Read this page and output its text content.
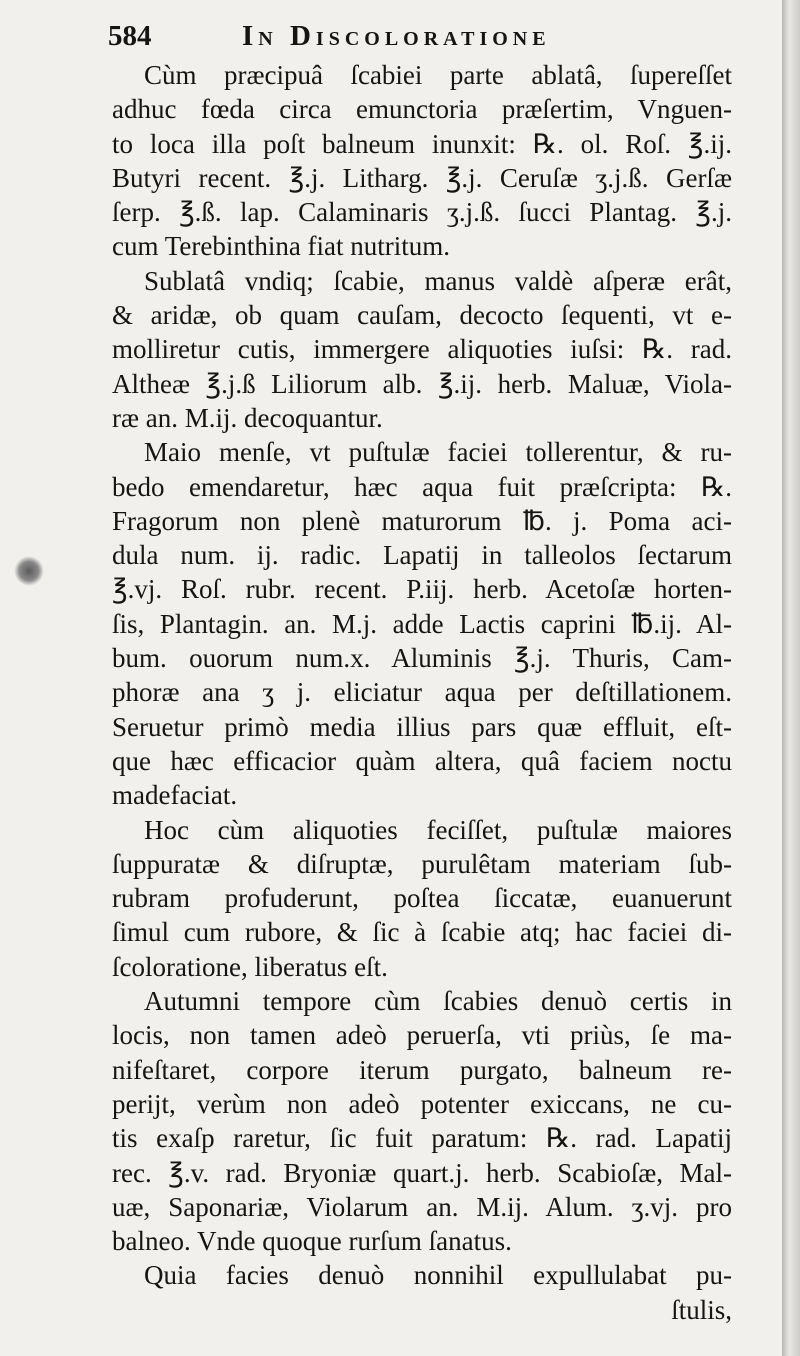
584	In Discoloratione
Cùm præcipuâ ſcabiei parte ablatâ, ſupereſſet
adhuc fœda circa emunctoria præſertim, Vnguen-
to loca illa poſt balneum inunxit: ℞. ol. Roſ. ℥.ij.
Butyri recent. ℥.j. Litharg. ℥.j. Ceruſæ ʒ.j.ß. Gerſæ
ſerp. ℥.ß. lap. Calaminaris ʒ.j.ß. ſucci Plantag. ℥.j.
cum Terebinthina fiat nutritum.
Sublatâ vndiq; ſcabie, manus valdè aſperæ erât,
& aridæ, ob quam cauſam, decocto ſequenti, vt e-
molliretur cutis, immergere aliquoties iuſsi: ℞. rad.
Altheæ ℥.j.ß Liliorum alb. ℥.ij. herb. Maluæ, Viola-
ræ an. M.ij. decoquantur.
Maio menſe, vt puſtulæ faciei tollerentur, & ru-
bedo emendaretur, hæc aqua fuit præſcripta: ℞.
Fragorum non plenè maturorum ℔. j. Poma aci-
dula num. ij. radic. Lapatij in talleolos ſectarum
℥.vj. Roſ. rubr. recent. P.iij. herb. Acetoſæ horten-
ſis, Plantagin. an. M.j. adde Lactis caprini ℔.ij. Al-
bum. ouorum num.x. Aluminis ℥.j. Thuris, Cam-
phoræ ana ʒ j. eliciatur aqua per deſtillationem.
Seruetur primò media illius pars quæ effluit, eſt-
que hæc efficacior quàm altera, quâ faciem noctu
madefaciat.
Hoc cùm aliquoties feciſſet, puſtulæ maiores
ſuppuratæ & diſruptæ, purulêtam materiam ſub-
rubram profuderunt, poſtea ſiccatæ, euanuerunt
ſimul cum rubore, & ſic à ſcabie atq; hac faciei di-
ſcoloratione, liberatus eſt.
Autumni tempore cùm ſcabies denuò certis in
locis, non tamen adeò peruerſa, vti priùs, ſe ma-
nifeſtaret, corpore iterum purgato, balneum re-
perijt, verùm non adeò potenter exiccans, ne cu-
tis exaſp raretur, ſic fuit paratum: ℞. rad. Lapatij
rec. ℥.v. rad. Bryoniæ quart.j. herb. Scabioſæ, Mal-
uæ, Saponariæ, Violarum an. M.ij. Alum. ʒ.vj. pro
balneo. Vnde quoque rurſum ſanatus.
Quia facies denuò nonnihil expullulabat pu-
ſtulis,
